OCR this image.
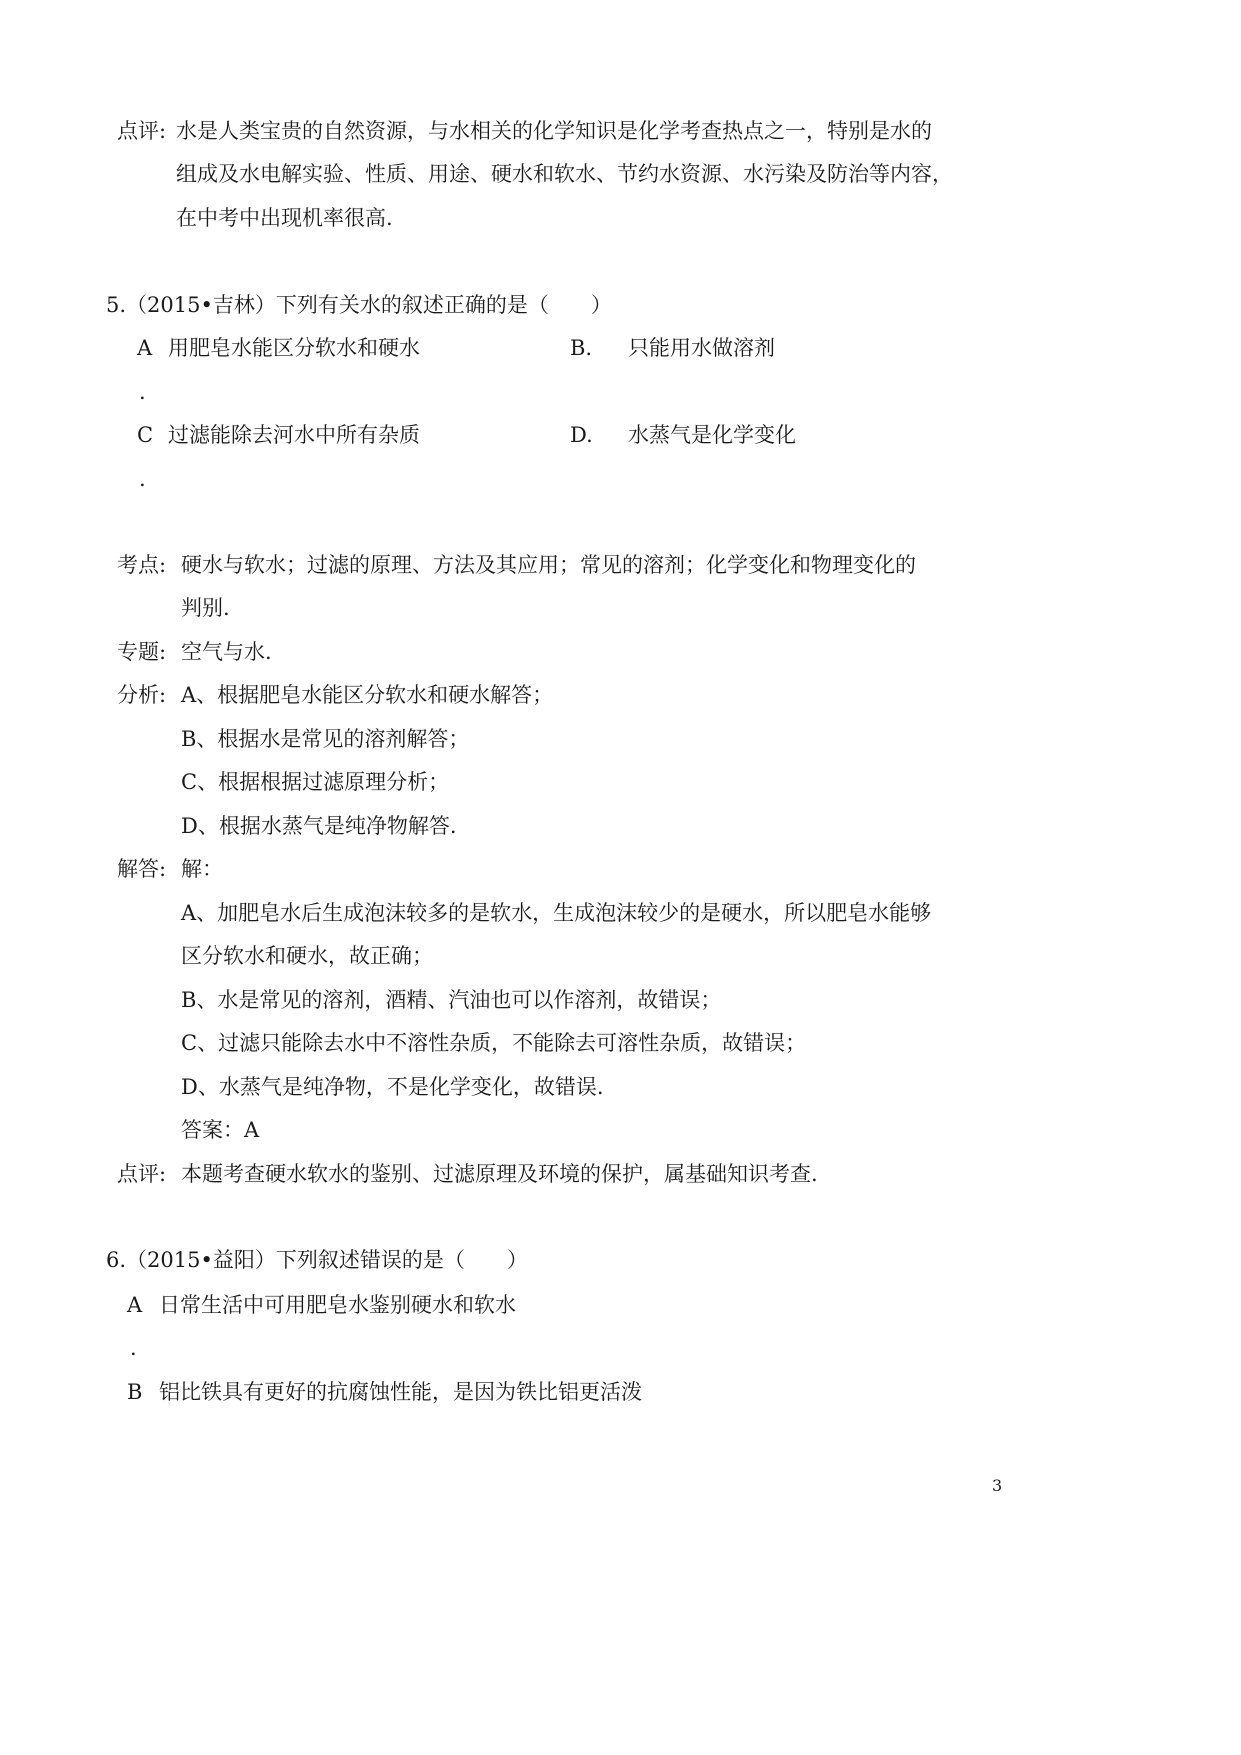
点评: 水是人类宝贵的自然资源，与水相关的化学知识是化学考查热点之一，特别是水的
组成及水电解实验、性质、用途、硬水和软水、节约水资源、水污染及防治等内容，
在中考中出现机率很高.
5.（2015•吉林）下列有关水的叙述正确的是（　　）
A 用肥皂水能区分软水和硬水	B. 只能用水做溶剂
.
C 过滤能除去河水中所有杂质	D. 水蒸气是化学变化
.
考点: 硬水与软水；过滤的原理、方法及其应用；常见的溶剂；化学变化和物理变化的
判别.
专题: 空气与水.
分析: A、根据肥皂水能区分软水和硬水解答；
B、根据水是常见的溶剂解答；
C、根据根据过滤原理分析；
D、根据水蒸气是纯净物解答.
解答: 解：
A、加肥皂水后生成泡沫较多的是软水，生成泡沫较少的是硬水，所以肥皂水能够
区分软水和硬水，故正确；
B、水是常见的溶剂，酒精、汽油也可以作溶剂，故错误；
C、过滤只能除去水中不溶性杂质，不能除去可溶性杂质，故错误；
D、水蒸气是纯净物，不是化学变化，故错误.
答案：A
点评: 本题考查硬水软水的鉴别、过滤原理及环境的保护，属基础知识考查.
6.（2015•益阳）下列叙述错误的是（　　）
A 日常生活中可用肥皂水鉴别硬水和软水
.
B 铝比铁具有更好的抗腐蚀性能，是因为铁比铝更活泼
3
